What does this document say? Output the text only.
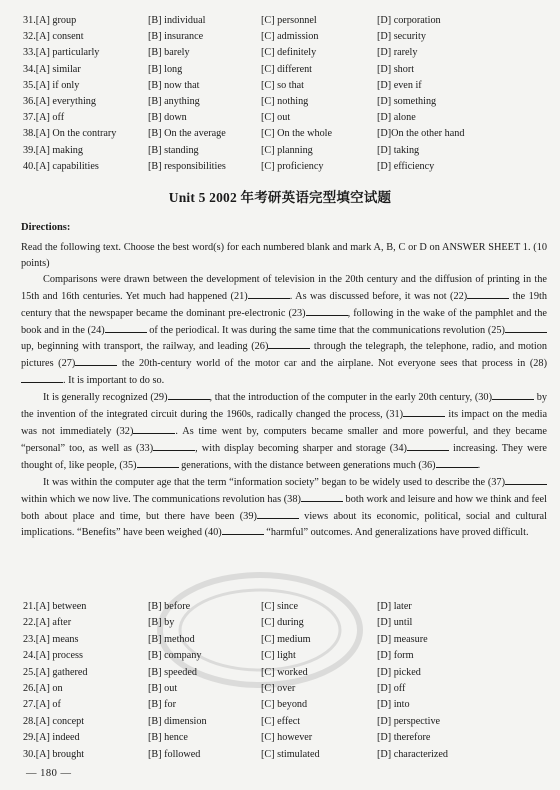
31.[A] group	[B] individual	[C] personnel	[D] corporation
32.[A] consent	[B] insurance	[C] admission	[D] security
33.[A] particularly	[B] barely	[C] definitely	[D] rarely
34.[A] similar	[B] long	[C] different	[D] short
35.[A] if only	[B] now that	[C] so that	[D] even if
36.[A] everything	[B] anything	[C] nothing	[D] something
37.[A] off	[B] down	[C] out	[D] alone
38.[A] On the contrary	[B] On the average	[C] On the whole	[D]On the other hand
39.[A] making	[B] standing	[C] planning	[D] taking
40.[A] capabilities	[B] responsibilities	[C] proficiency	[D] efficiency
Unit 5 2002 年考研英语完型填空试题
Directions:

Read the following text. Choose the best word(s) for each numbered blank and mark A, B, C or D on ANSWER SHEET 1. (10 points)

Comparisons were drawn between the development of television in the 20th century and the diffusion of printing in the 15th and 16th centuries. Yet much had happened (21)	. As was discussed before, it was not (22)	the 19th century that the newspaper became the dominant pre-electronic (23)	, following in the wake of the pamphlet and the book and in the (24)	of the periodical. It was during the same time that the communications revolution (25) up, beginning with transport, the railway, and leading (26)	through the telegraph, the telephone, radio, and motion pictures (27)	the 20th-century world of the motor car and the airplane. Not everyone sees that process in (28). It is important to do so.

It is generally recognized (29)	, that the introduction of the computer in the early 20th century, (30)	by the invention of the integrated circuit during the 1960s, radically changed the process, (31)	its impact on the media was not immediately (32)	. As time went by, computers became smaller and more powerful, and they became “personal” too, as well as (33)	, with display becoming sharper and storage (34)	increasing. They were thought of, like people, (35)	generations, with the distance between generations much (36)	.

It was within the computer age that the term “information society” began to be widely used to describe the (37) within which we now live. The communications revolution has (38)	both work and leisure and how we think and feel both about place and time, but there have been (39)	views about its economic, political, social and cultural implications. “Benefits” have been weighed (40)	“harmful” outcomes. And generalizations have proved difficult.

21.[A] between	[B] before	[C] since	[D] later
22.[A] after	[B] by	[C] during	[D] until
23.[A] means	[B] method	[C] medium	[D] measure
24.[A] process	[B] company	[C] light	[D] form
25.[A] gathered	[B] speeded	[C] worked	[D] picked
26.[A] on	[B] out	[C] over	[D] off
27.[A] of	[B] for	[C] beyond	[D] into
28.[A] concept	[B] dimension	[C] effect	[D] perspective
29.[A] indeed	[B] hence	[C] however	[D] therefore
30.[A] brought	[B] followed	[C] stimulated	[D] characterized
— 180 —
